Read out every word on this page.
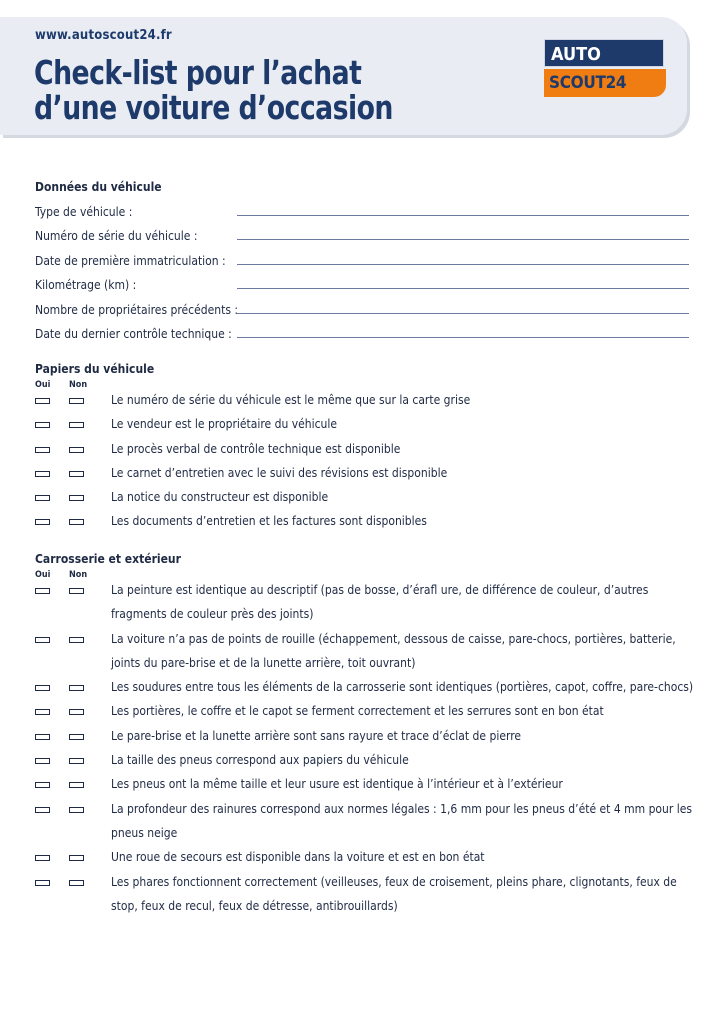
www.autoscout24.fr
Check-list pour l’achat
d’une voiture d’occasion
AUTO
SCOUT24
Données du véhicule
Type de véhicule :
Numéro de série du véhicule :
Date de première immatriculation :
Kilométrage (km) :
Nombre de propriétaires précédents :
Date du dernier contrôle technique :
Papiers du véhicule
Oui Non
Le numéro de série du véhicule est le même que sur la carte grise
Le vendeur est le propriétaire du véhicule
Le procès verbal de contrôle technique est disponible
Le carnet d’entretien avec le suivi des révisions est disponible
La notice du constructeur est disponible
Les documents d’entretien et les factures sont disponibles
Carrosserie et extérieur
Oui Non
La peinture est identique au descriptif (pas de bosse, d’érafl ure, de différence de couleur, d’autres fragments de couleur près des joints)
La voiture n’a pas de points de rouille (échappement, dessous de caisse, pare-chocs, portières, batterie, joints du pare-brise et de la lunette arrière, toit ouvrant)
Les soudures entre tous les éléments de la carrosserie sont identiques (portières, capot, coffre, pare-chocs)
Les portières, le coffre et le capot se ferment correctement et les serrures sont en bon état
Le pare-brise et la lunette arrière sont sans rayure et trace d’éclat de pierre
La taille des pneus correspond aux papiers du véhicule
Les pneus ont la même taille et leur usure est identique à l’intérieur et à l’extérieur
La profondeur des rainures correspond aux normes légales : 1,6 mm pour les pneus d’été et 4 mm pour les pneus neige
Une roue de secours est disponible dans la voiture et est en bon état
Les phares fonctionnent correctement (veilleuses, feux de croisement, pleins phare, clignotants, feux de stop, feux de recul, feux de détresse, antibrouillards)
